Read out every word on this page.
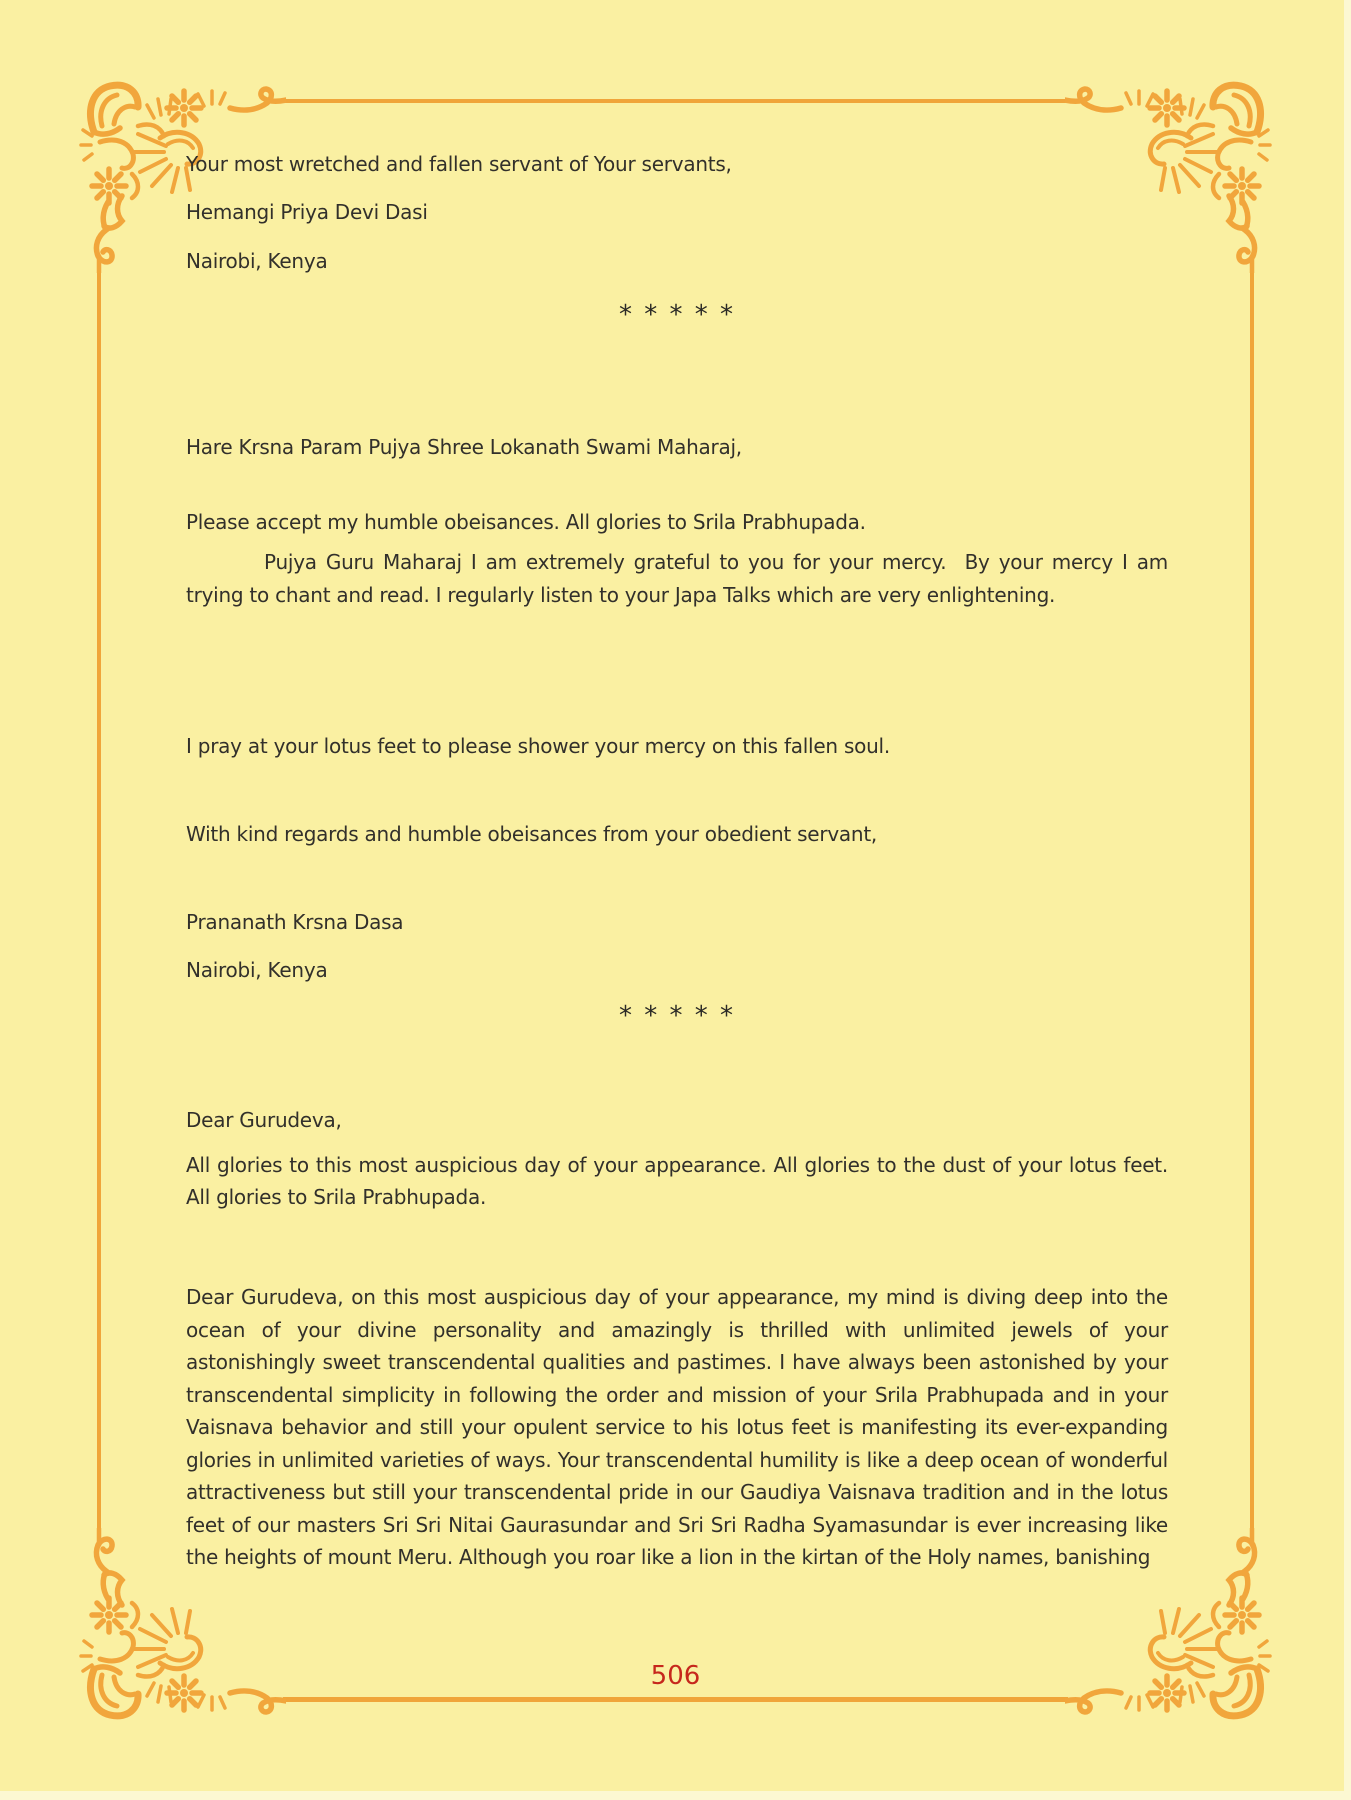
Your most wretched and fallen servant of Your servants,
Hemangi Priya Devi Dasi
Nairobi, Kenya
* * * * *
Hare Krsna Param Pujya Shree Lokanath Swami Maharaj,
Please accept my humble obeisances. All glories to Srila Prabhupada.
Pujya Guru Maharaj I am extremely grateful to you for your mercy.  By your mercy I am trying to chant and read. I regularly listen to your Japa Talks which are very enlightening.
I pray at your lotus feet to please shower your mercy on this fallen soul.
With kind regards and humble obeisances from your obedient servant,
Prananath Krsna Dasa
Nairobi, Kenya
* * * * *
Dear Gurudeva,
All glories to this most auspicious day of your appearance. All glories to the dust of your lotus feet. All glories to Srila Prabhupada.
Dear Gurudeva, on this most auspicious day of your appearance, my mind is diving deep into the ocean of your divine personality and amazingly is thrilled with unlimited jewels of your astonishingly sweet transcendental qualities and pastimes. I have always been astonished by your transcendental simplicity in following the order and mission of your Srila Prabhupada and in your Vaisnava behavior and still your opulent service to his lotus feet is manifesting its ever-expanding glories in unlimited varieties of ways. Your transcendental humility is like a deep ocean of wonderful attractiveness but still your transcendental pride in our Gaudiya Vaisnava tradition and in the lotus feet of our masters Sri Sri Nitai Gaurasundar and Sri Sri Radha Syamasundar is ever increasing like the heights of mount Meru. Although you roar like a lion in the kirtan of the Holy names, banishing
506
